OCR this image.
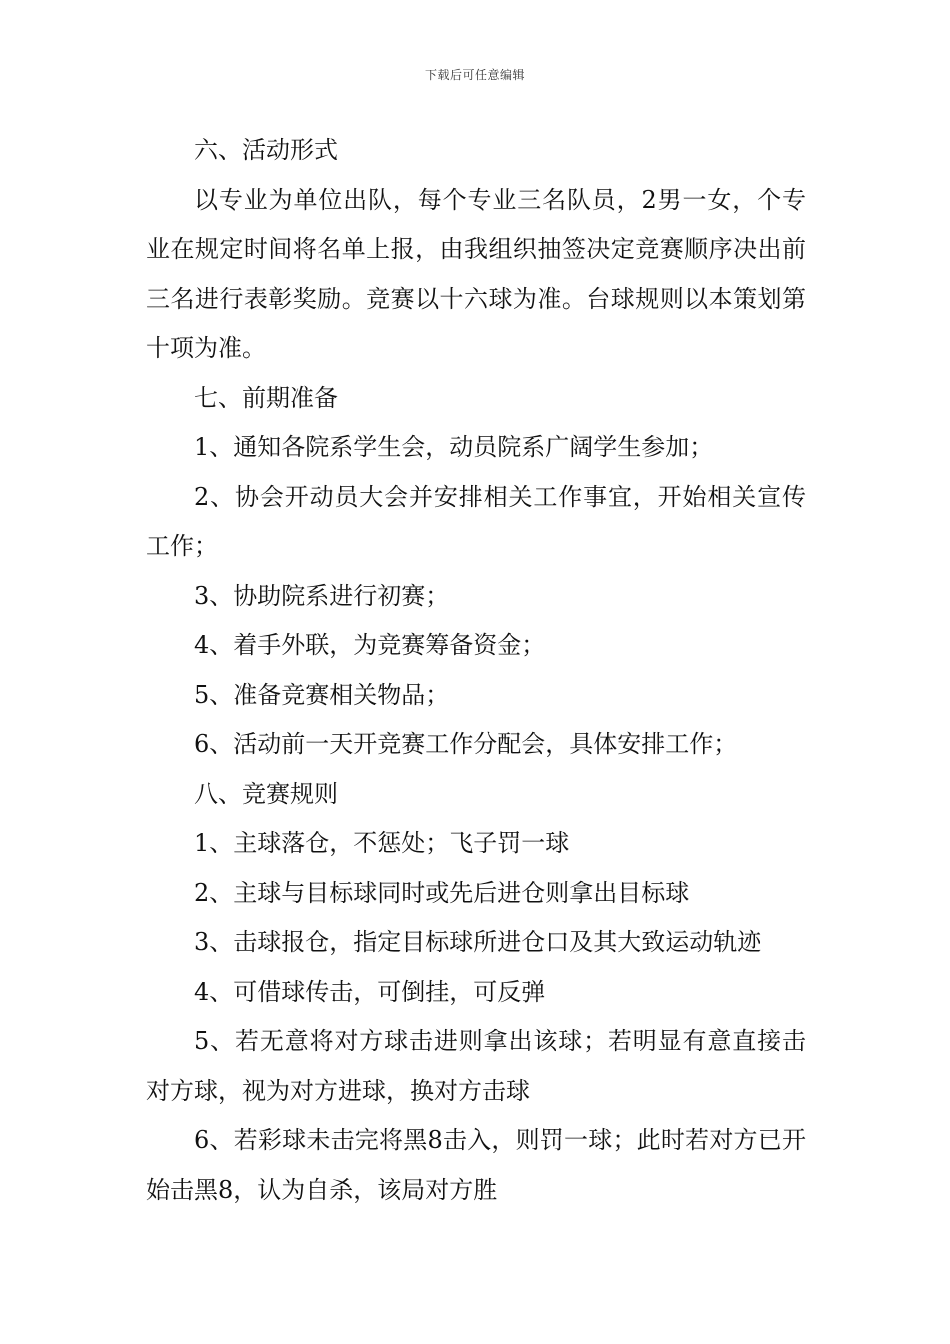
下载后可任意编辑

六、活动形式

以专业为单位出队，每个专业三名队员，2男一女，个专业在规定时间将名单上报，由我组织抽签决定竞赛顺序决出前三名进行表彰奖励。竞赛以十六球为准。台球规则以本策划第十项为准。

七、前期准备

1、通知各院系学生会，动员院系广阔学生参加；

2、协会开动员大会并安排相关工作事宜，开始相关宣传工作；

3、协助院系进行初赛；

4、着手外联，为竞赛筹备资金；

5、准备竞赛相关物品；

6、活动前一天开竞赛工作分配会，具体安排工作；

八、竞赛规则

1、主球落仓，不惩处；飞子罚一球

2、主球与目标球同时或先后进仓则拿出目标球

3、击球报仓，指定目标球所进仓口及其大致运动轨迹

4、可借球传击，可倒挂，可反弹

5、若无意将对方球击进则拿出该球；若明显有意直接击对方球，视为对方进球，换对方击球

6、若彩球未击完将黑8击入，则罚一球；此时若对方已开始击黑8，认为自杀，该局对方胜
